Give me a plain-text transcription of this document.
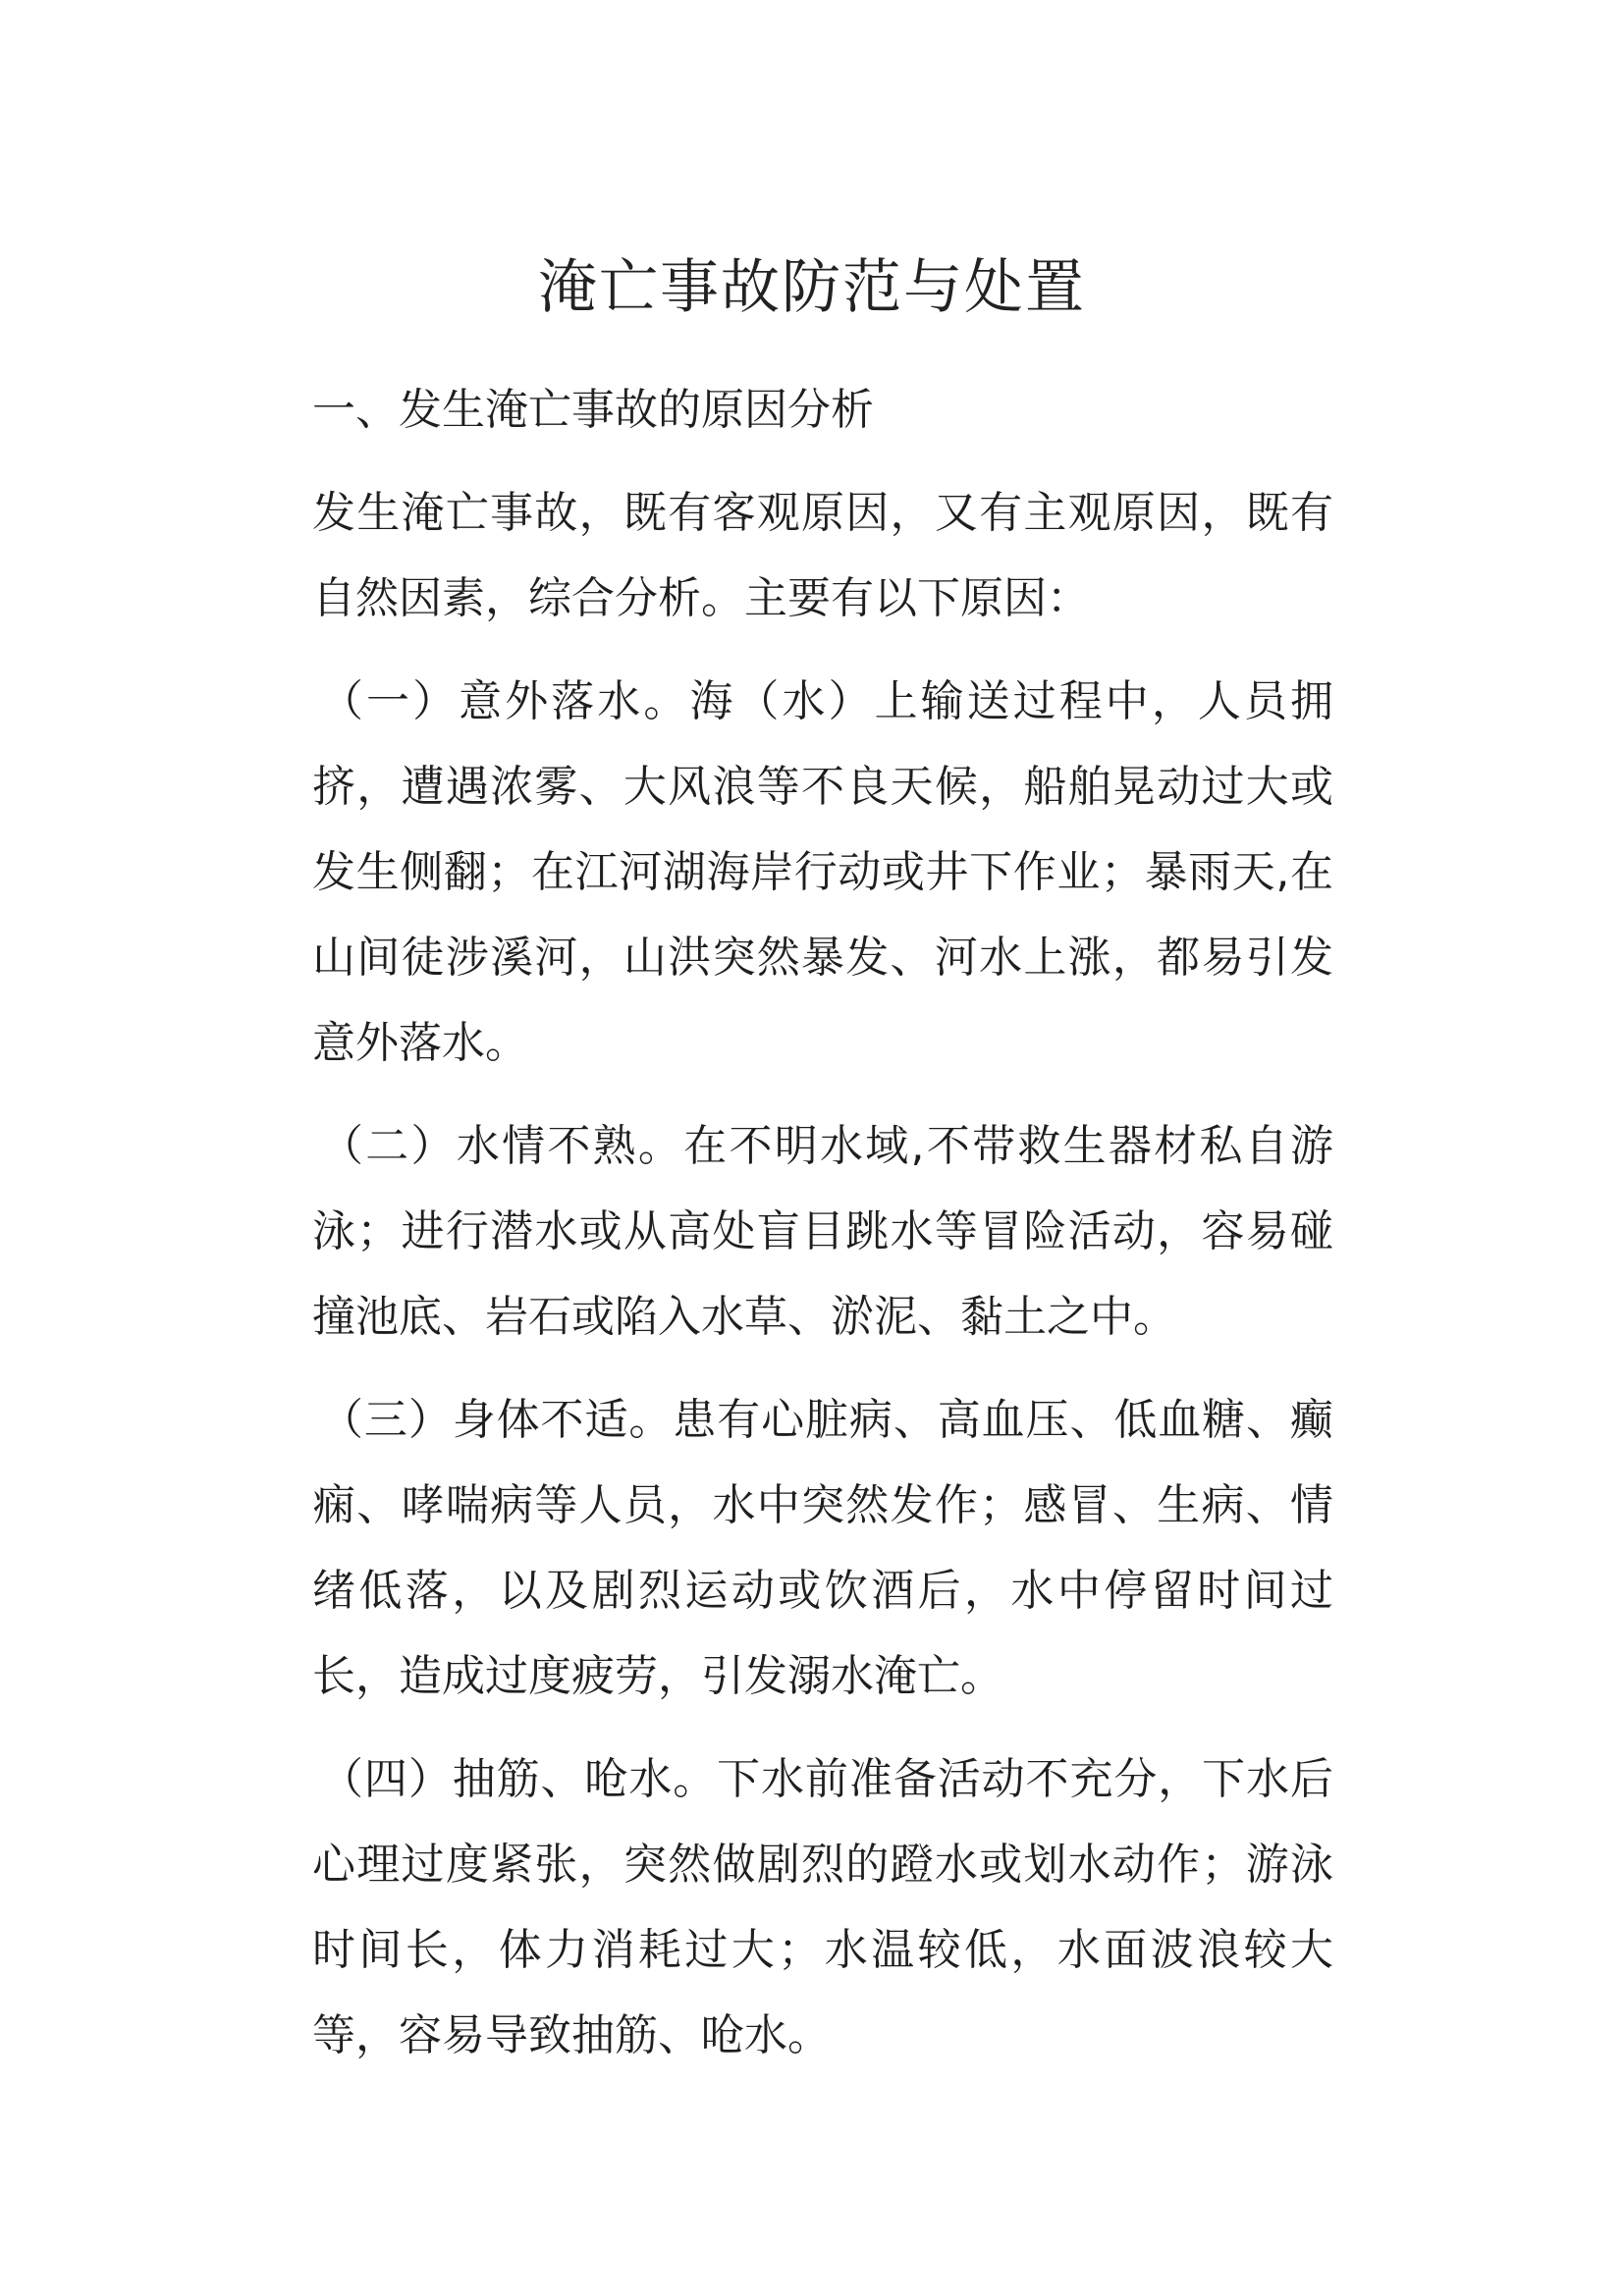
淹亡事故防范与处置
一、发生淹亡事故的原因分析

发生淹亡事故，既有客观原因，又有主观原因，既有自然因素，综合分析。主要有以下原因：

（一）意外落水。海（水）上输送过程中，人员拥挤，遭遇浓雾、大风浪等不良天候，船舶晃动过大或发生侧翻；在江河湖海岸行动或井下作业；暴雨天,在山间徒涉溪河，山洪突然暴发、河水上涨，都易引发意外落水。

（二）水情不熟。在不明水域,不带救生器材私自游泳；进行潜水或从高处盲目跳水等冒险活动，容易碰撞池底、岩石或陷入水草、淤泥、黏土之中。

（三）身体不适。患有心脏病、高血压、低血糖、癫痫、哮喘病等人员，水中突然发作；感冒、生病、情绪低落，以及剧烈运动或饮酒后，水中停留时间过长，造成过度疲劳，引发溺水淹亡。

（四）抽筋、呛水。下水前准备活动不充分，下水后心理过度紧张，突然做剧烈的蹬水或划水动作；游泳时间长，体力消耗过大；水温较低，水面波浪较大等，容易导致抽筋、呛水。
